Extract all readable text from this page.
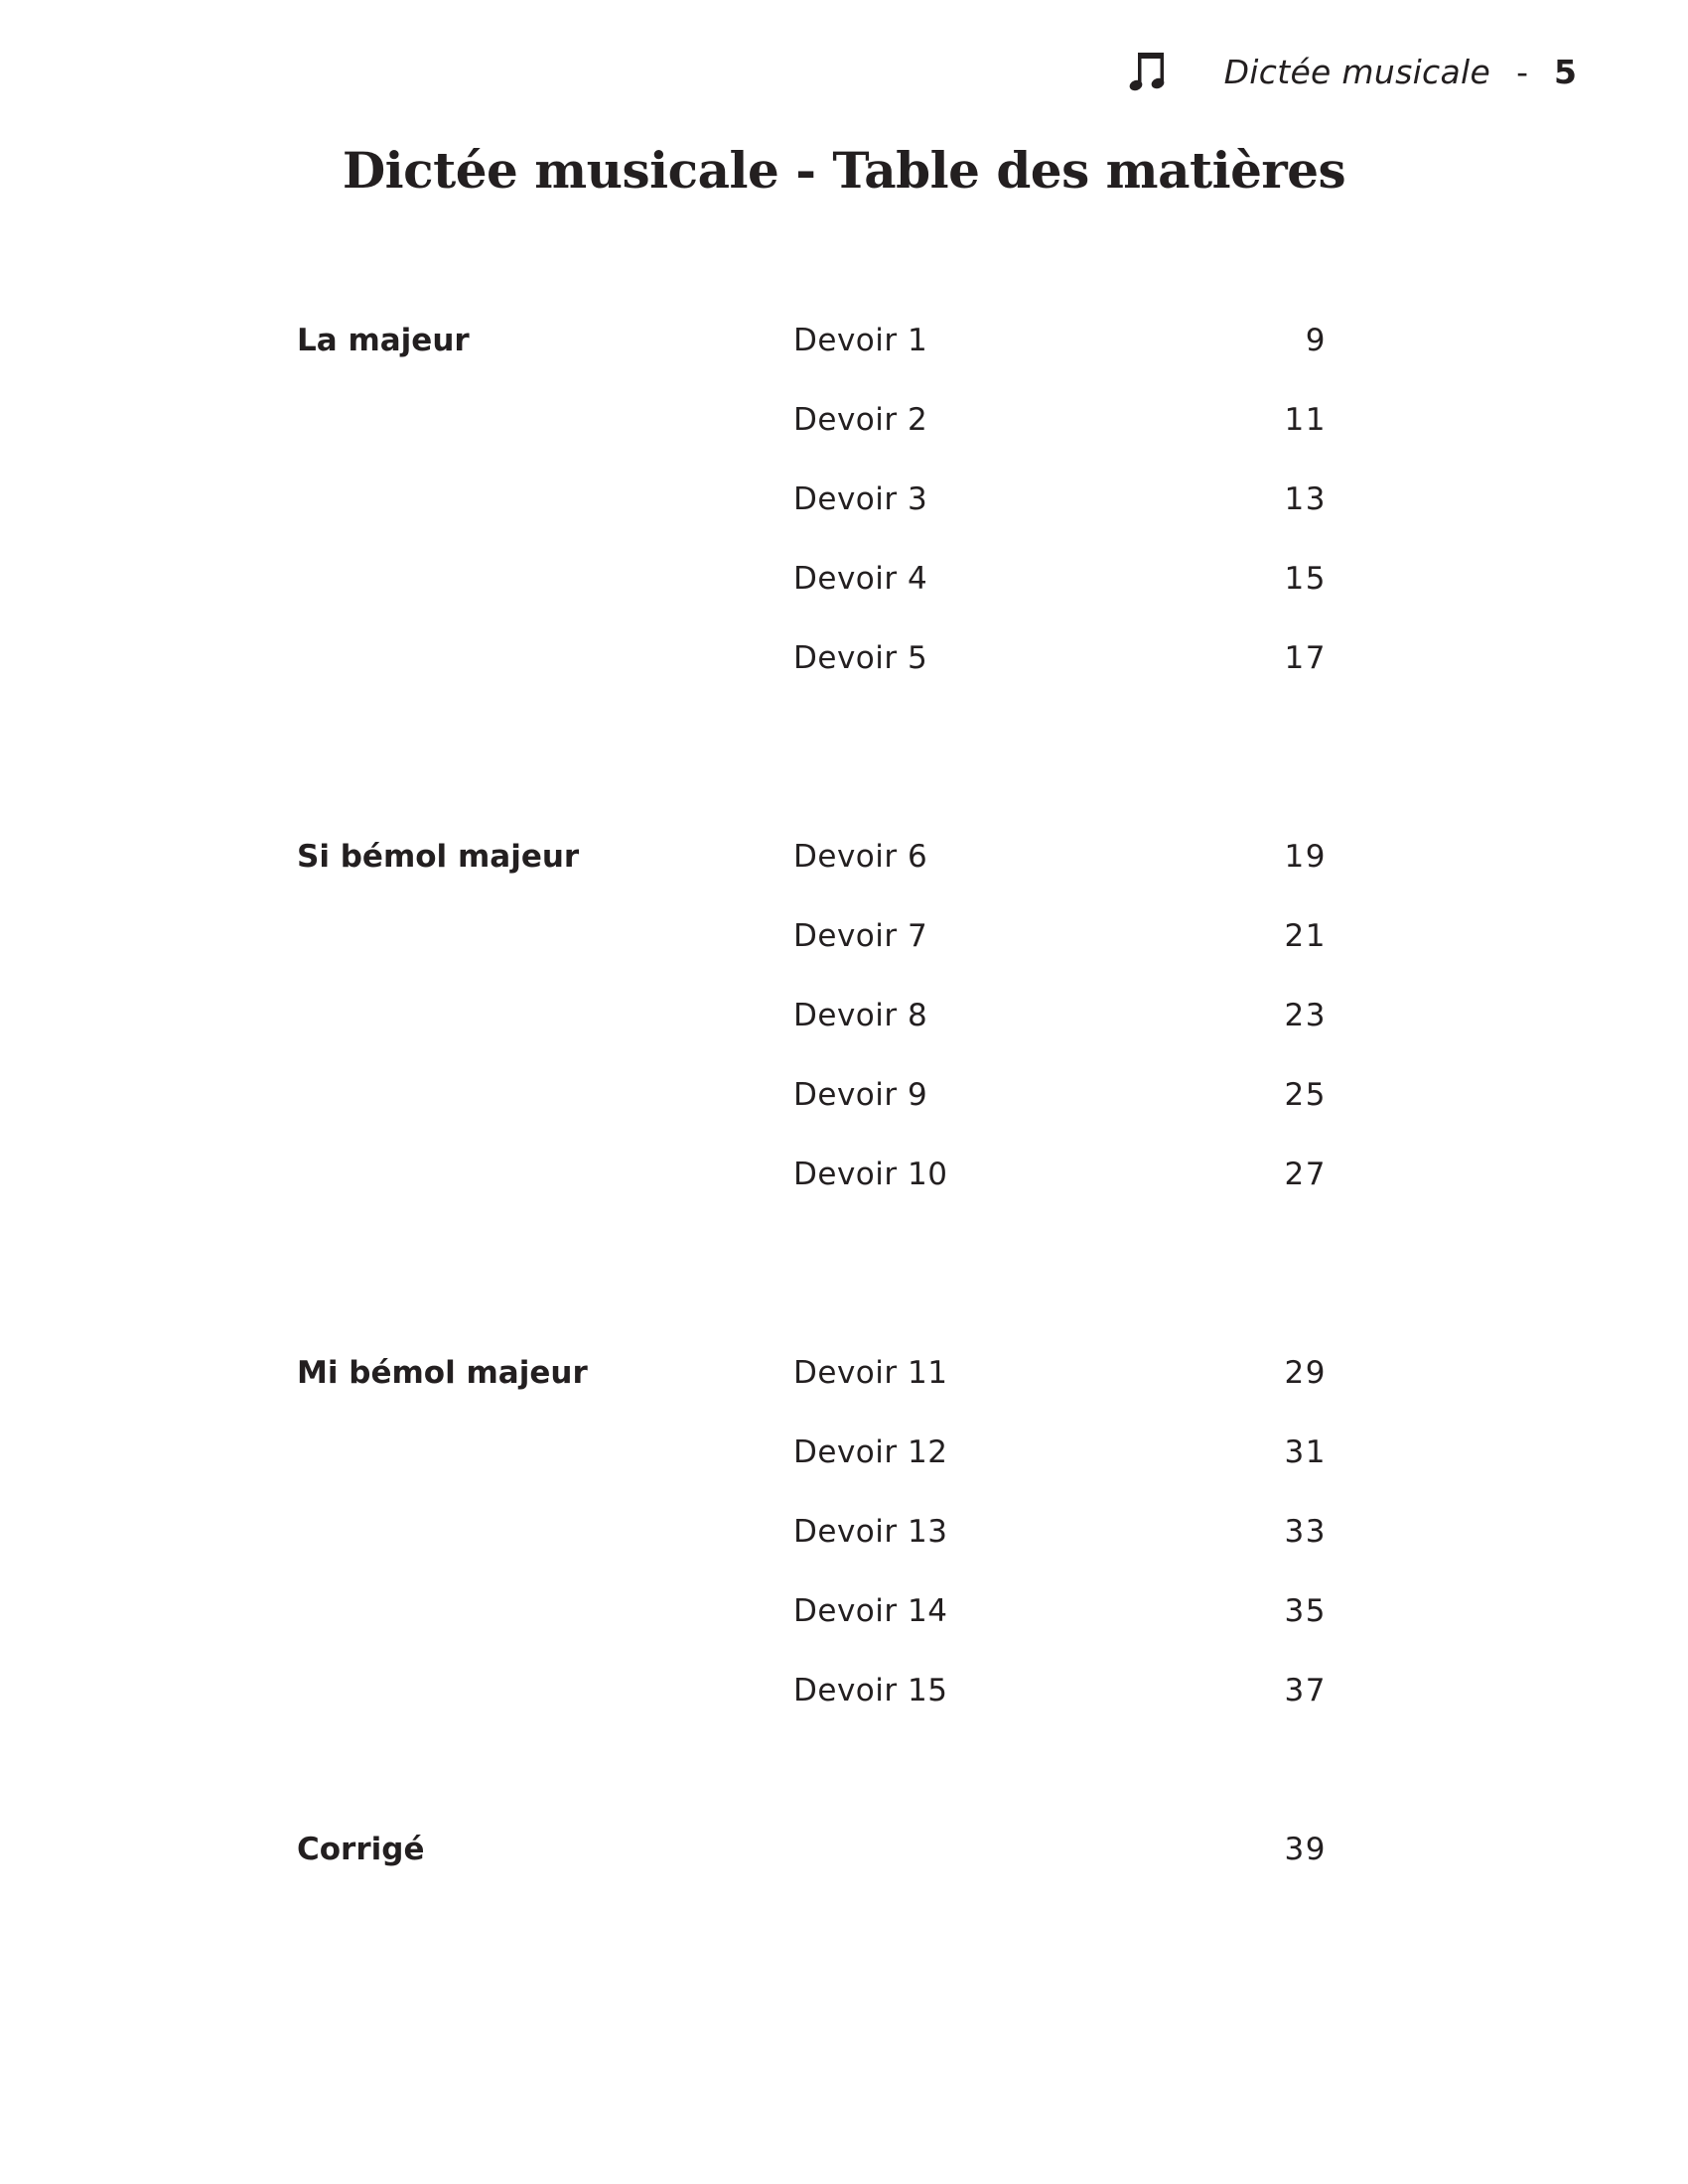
Dictée musicale - 5
Dictée musicale - Table des matières
La majeur	Devoir 1	9
Devoir 2	11
Devoir 3	13
Devoir 4	15
Devoir 5	17
Si bémol majeur	Devoir 6	19
Devoir 7	21
Devoir 8	23
Devoir 9	25
Devoir 10	27
Mi bémol majeur	Devoir 11	29
Devoir 12	31
Devoir 13	33
Devoir 14	35
Devoir 15	37
Corrigé	39
